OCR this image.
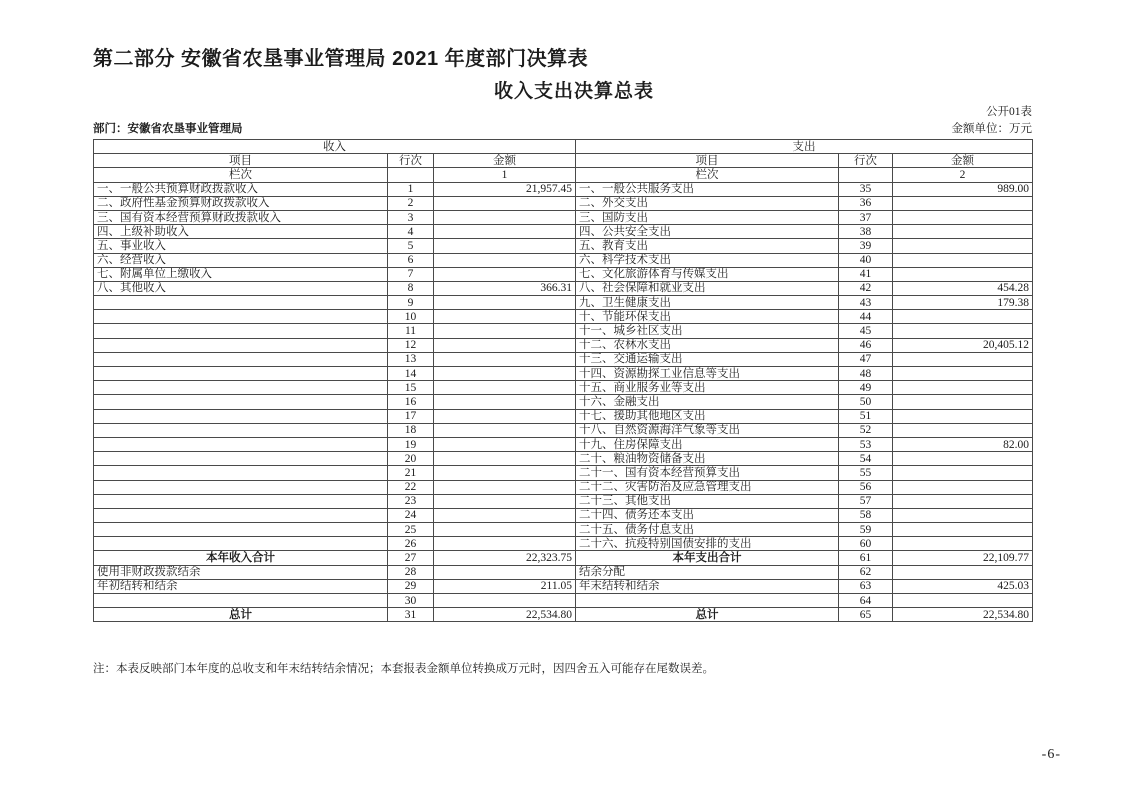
第二部分 安徽省农垦事业管理局 2021 年度部门决算表
收入支出决算总表
公开01表
部门：安徽省农垦事业管理局	金额单位：万元
收入			支出		
项目	行次	金额	项目	行次	金额
栏次		1	栏次		2
一、一般公共预算财政拨款收入	1	21,957.45	一、一般公共服务支出	35	989.00
二、政府性基金预算财政拨款收入	2		二、外交支出	36	
三、国有资本经营预算财政拨款收入	3		三、国防支出	37	
四、上级补助收入	4		四、公共安全支出	38	
五、事业收入	5		五、教育支出	39	
六、经营收入	6		六、科学技术支出	40	
七、附属单位上缴收入	7		七、文化旅游体育与传媒支出	41	
八、其他收入	8	366.31	八、社会保障和就业支出	42	454.28
	9		九、卫生健康支出	43	179.38
	10		十、节能环保支出	44	
	11		十一、城乡社区支出	45	
	12		十二、农林水支出	46	20,405.12
	13		十三、交通运输支出	47	
	14		十四、资源勘探工业信息等支出	48	
	15		十五、商业服务业等支出	49	
	16		十六、金融支出	50	
	17		十七、援助其他地区支出	51	
	18		十八、自然资源海洋气象等支出	52	
	19		十九、住房保障支出	53	82.00
	20		二十、粮油物资储备支出	54	
	21		二十一、国有资本经营预算支出	55	
	22		二十二、灾害防治及应急管理支出	56	
	23		二十三、其他支出	57	
	24		二十四、债务还本支出	58	
	25		二十五、债务付息支出	59	
	26		二十六、抗疫特别国债安排的支出	60	
本年收入合计	27	22,323.75	本年支出合计	61	22,109.77
使用非财政拨款结余	28		结余分配	62	
年初结转和结余	29	211.05	年末结转和结余	63	425.03
	30			64	
总计	31	22,534.80	总计	65	22,534.80
注：本表反映部门本年度的总收支和年末结转结余情况；本套报表金额单位转换成万元时，因四舍五入可能存在尾数误差。
-6-
